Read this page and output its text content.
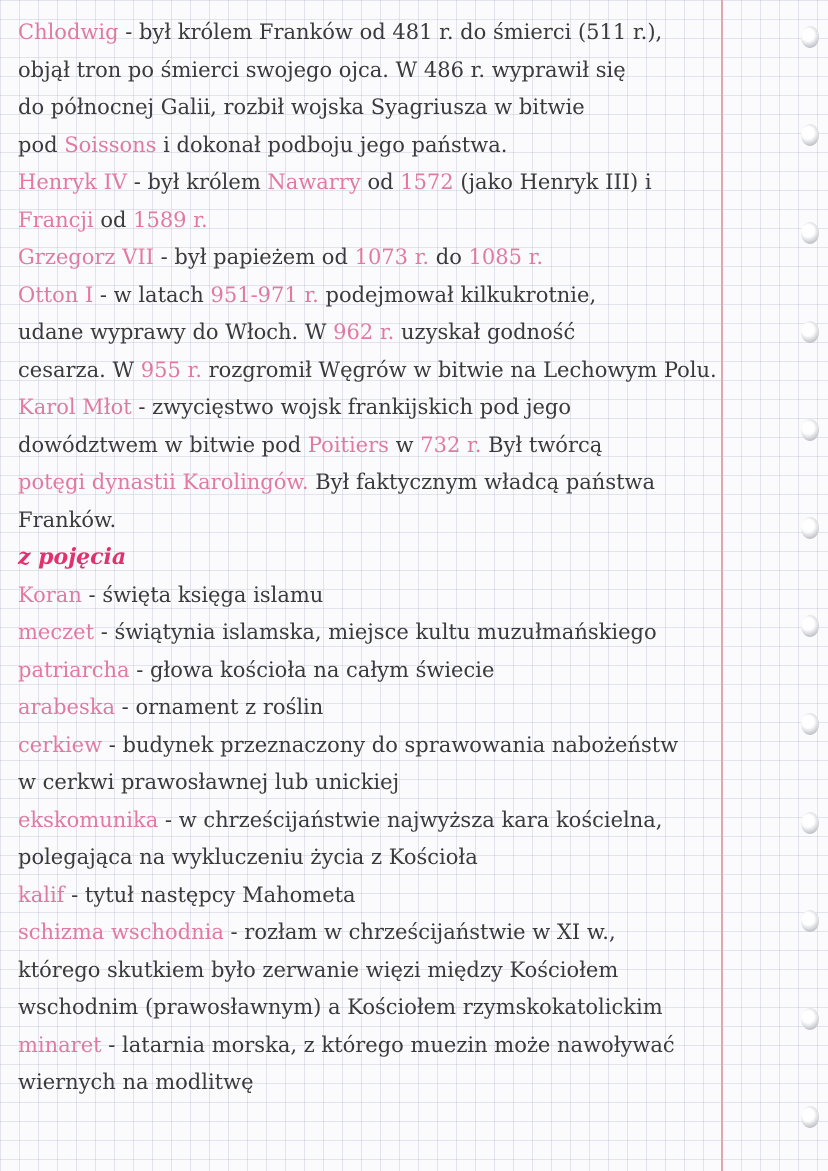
Chlodwig - był królem Franków od 481 r. do śmierci (511 r.),
objął tron po śmierci swojego ojca. W 486 r. wyprawił się
do północnej Galii, rozbił wojska Syagriusza w bitwie
pod Soissons i dokonał podboju jego państwa.
Henryk IV - był królem Nawarry od 1572 (jako Henryk III) i
Francji od 1589 r.
Grzegorz VII - był papieżem od 1073 r. do 1085 r.
Otton I - w latach 951-971 r. podejmował kilkukrotnie,
udane wyprawy do Włoch. W 962 r. uzyskał godność
cesarza. W 955 r. rozgromił Węgrów w bitwie na Lechowym Polu.
Karol Młot - zwycięstwo wojsk frankijskich pod jego
dowództwem w bitwie pod Poitiers w 732 r. Był twórcą
potęgi dynastii Karolingów. Był faktycznym władcą państwa
Franków.
z pojęcia
Koran - święta księga islamu
meczet - świątynia islamska, miejsce kultu muzułmańskiego
patriarcha - głowa kościoła na całym świecie
arabeska - ornament z roślin
cerkiew - budynek przeznaczony do sprawowania nabożeństw
w cerkwi prawosławnej lub unickiej
ekskomunika - w chrześcijaństwie najwyższa kara kościelna,
polegająca na wykluczeniu życia z Kościoła
kalif - tytuł następcy Mahometa
schizma wschodnia - rozłam w chrześcijaństwie w XI w.,
którego skutkiem było zerwanie więzi między Kościołem
wschodnim (prawosławnym) a Kościołem rzymskokatolickim
minaret - latarnia morska, z którego muezin może nawoływać
wiernych na modlitwę
